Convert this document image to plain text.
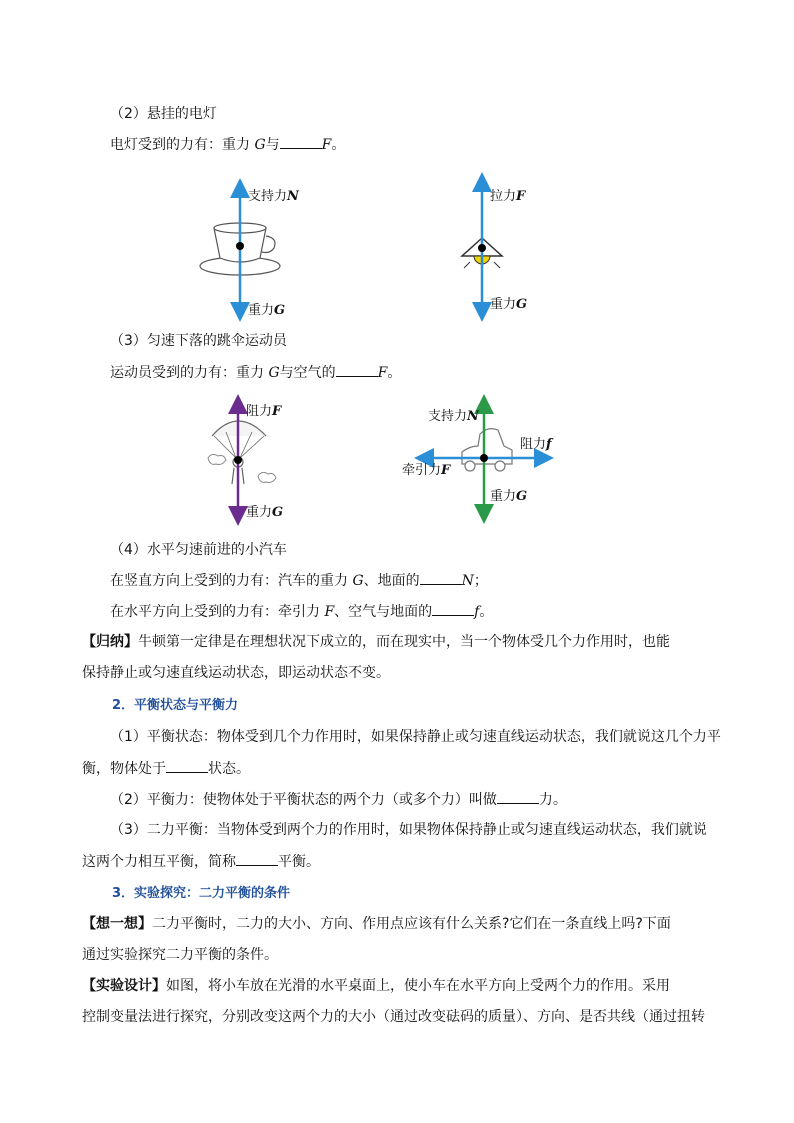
（2）悬挂的电灯
电灯受到的力有：重力 G与	F。
（3）匀速下落的跳伞运动员
运动员受到的力有：重力 G与空气的	F。
（4）水平匀速前进的小汽车
在竖直方向上受到的力有：汽车的重力 G、地面的	N；
在水平方向上受到的力有：牵引力 F、空气与地面的	f。
【归纳】牛顿第一定律是在理想状况下成立的，而在现实中，当一个物体受几个力作用时，也能
保持静止或匀速直线运动状态，即运动状态不变。
2．平衡状态与平衡力
（1）平衡状态：物体受到几个力作用时，如果保持静止或匀速直线运动状态，我们就说这几个力平
衡，物体处于	状态。
（2）平衡力：使物体处于平衡状态的两个力（或多个力）叫做	力。
（3）二力平衡：当物体受到两个力的作用时，如果物体保持静止或匀速直线运动状态，我们就说
这两个力相互平衡，简称	平衡。
3．实验探究：二力平衡的条件
【想一想】二力平衡时，二力的大小、方向、作用点应该有什么关系?它们在一条直线上吗?下面
通过实验探究二力平衡的条件。
【实验设计】如图，将小车放在光滑的水平桌面上，使小车在水平方向上受两个力的作用。采用
控制变量法进行探究，分别改变这两个力的大小（通过改变砝码的质量）、方向、是否共线（通过扭转
支持力N
重力G
拉力F
重力G
阻力F
重力G
支持力N
阻力f
牵引力F
重力G
